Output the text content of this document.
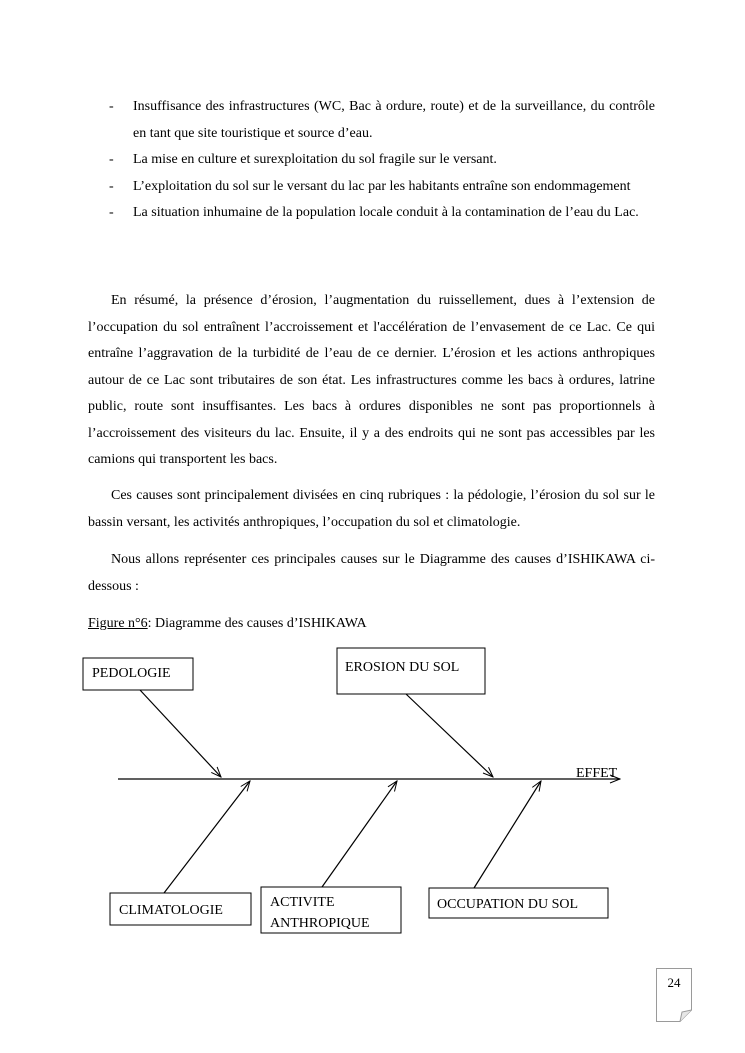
- Insuffisance des infrastructures (WC, Bac à ordure, route) et de la surveillance, du contrôle en tant que site touristique et source d’eau.
- La mise en culture et surexploitation du sol fragile sur le versant.
- L’exploitation du sol sur le versant du lac par les habitants entraîne son endommagement
- La situation inhumaine de la population locale conduit à la contamination de l’eau du Lac.

En résumé, la présence d’érosion, l’augmentation du ruissellement, dues à l’extension de l’occupation du sol entraînent l’accroissement et l'accélération de l’envasement de ce Lac. Ce qui entraîne l’aggravation de la turbidité de l’eau de ce dernier. L’érosion et les actions anthropiques autour de ce Lac sont tributaires de son état. Les infrastructures comme les bacs à ordures, latrine public, route sont insuffisantes. Les bacs à ordures disponibles ne sont pas proportionnels à l’accroissement des visiteurs du lac. Ensuite, il y a des endroits qui ne sont pas accessibles par les camions qui transportent les bacs.

Ces causes sont principalement divisées en cinq rubriques : la pédologie, l’érosion du sol sur le bassin versant, les activités anthropiques, l’occupation du sol et climatologie.

Nous allons représenter ces principales causes sur le Diagramme des causes d’ISHIKAWA ci-dessous :

Figure n°6: Diagramme des causes d’ISHIKAWA

PEDOLOGIE	EROSION DU SOL
CLIMATOLOGIE
ACTIVITE
ANTHROPIQUE
OCCUPATION DU SOL
EFFET
24
